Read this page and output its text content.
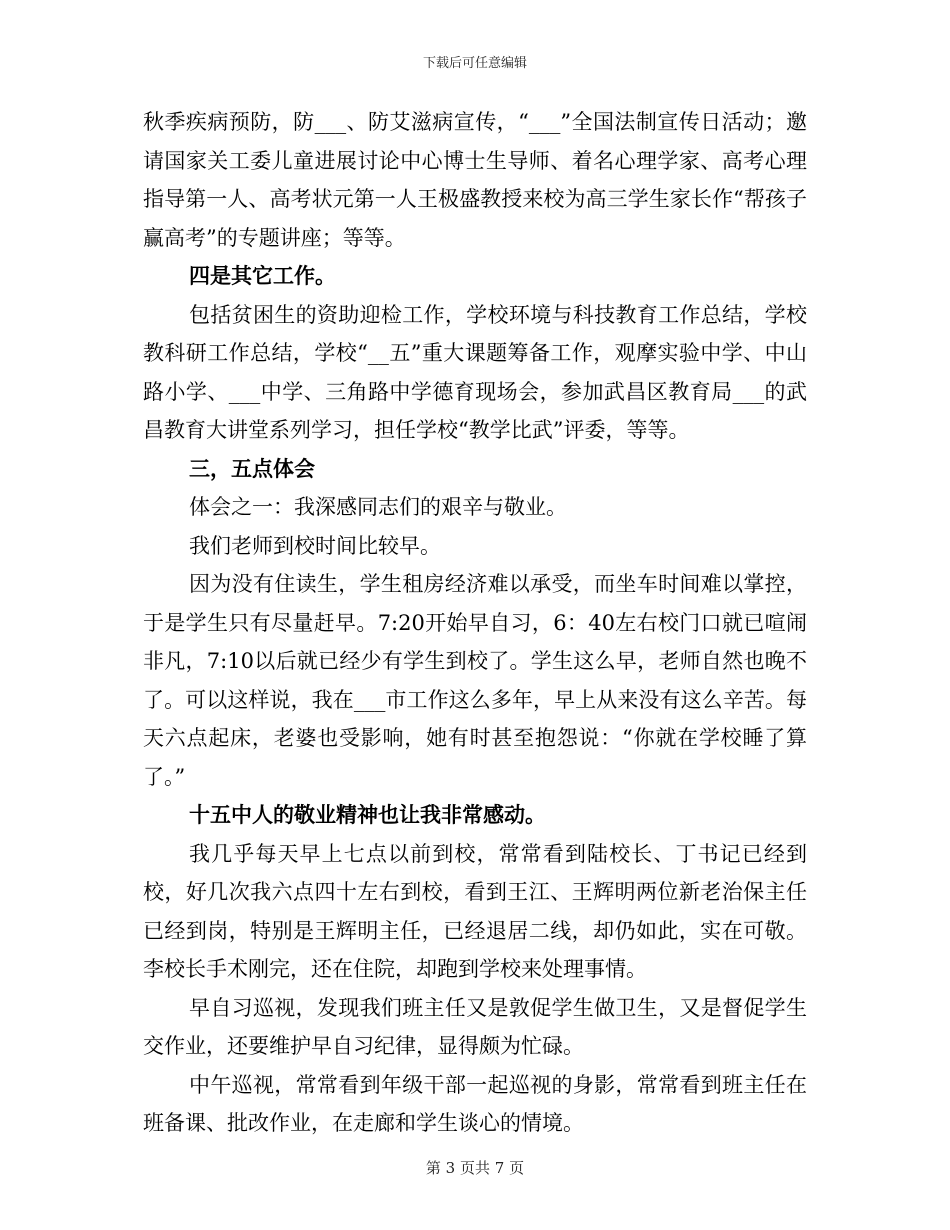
下载后可任意编辑

秋季疾病预防，防___、防艾滋病宣传，“___”全国法制宣传日活动；邀请国家关工委儿童进展讨论中心博士生导师、着名心理学家、高考心理指导第一人、高考状元第一人王极盛教授来校为高三学生家长作“帮孩子赢高考”的专题讲座；等等。

四是其它工作。

包括贫困生的资助迎检工作，学校环境与科技教育工作总结，学校教科研工作总结，学校“__五”重大课题筹备工作，观摩实验中学、中山路小学、___中学、三角路中学德育现场会，参加武昌区教育局___的武昌教育大讲堂系列学习，担任学校“教学比武”评委，等等。

三，五点体会

体会之一：我深感同志们的艰辛与敬业。

我们老师到校时间比较早。

因为没有住读生，学生租房经济难以承受，而坐车时间难以掌控，于是学生只有尽量赶早。7:20开始早自习，6：40左右校门口就已喧闹非凡，7:10以后就已经少有学生到校了。学生这么早，老师自然也晚不了。可以这样说，我在___市工作这么多年，早上从来没有这么辛苦。每天六点起床，老婆也受影响，她有时甚至抱怨说：“你就在学校睡了算了。”

十五中人的敬业精神也让我非常感动。

我几乎每天早上七点以前到校，常常看到陆校长、丁书记已经到校，好几次我六点四十左右到校，看到王江、王辉明两位新老治保主任已经到岗，特别是王辉明主任，已经退居二线，却仍如此，实在可敬。李校长手术刚完，还在住院，却跑到学校来处理事情。

早自习巡视，发现我们班主任又是敦促学生做卫生，又是督促学生交作业，还要维护早自习纪律，显得颇为忙碌。

中午巡视，常常看到年级干部一起巡视的身影，常常看到班主任在班备课、批改作业，在走廊和学生谈心的情境。

第 3 页共 7 页
